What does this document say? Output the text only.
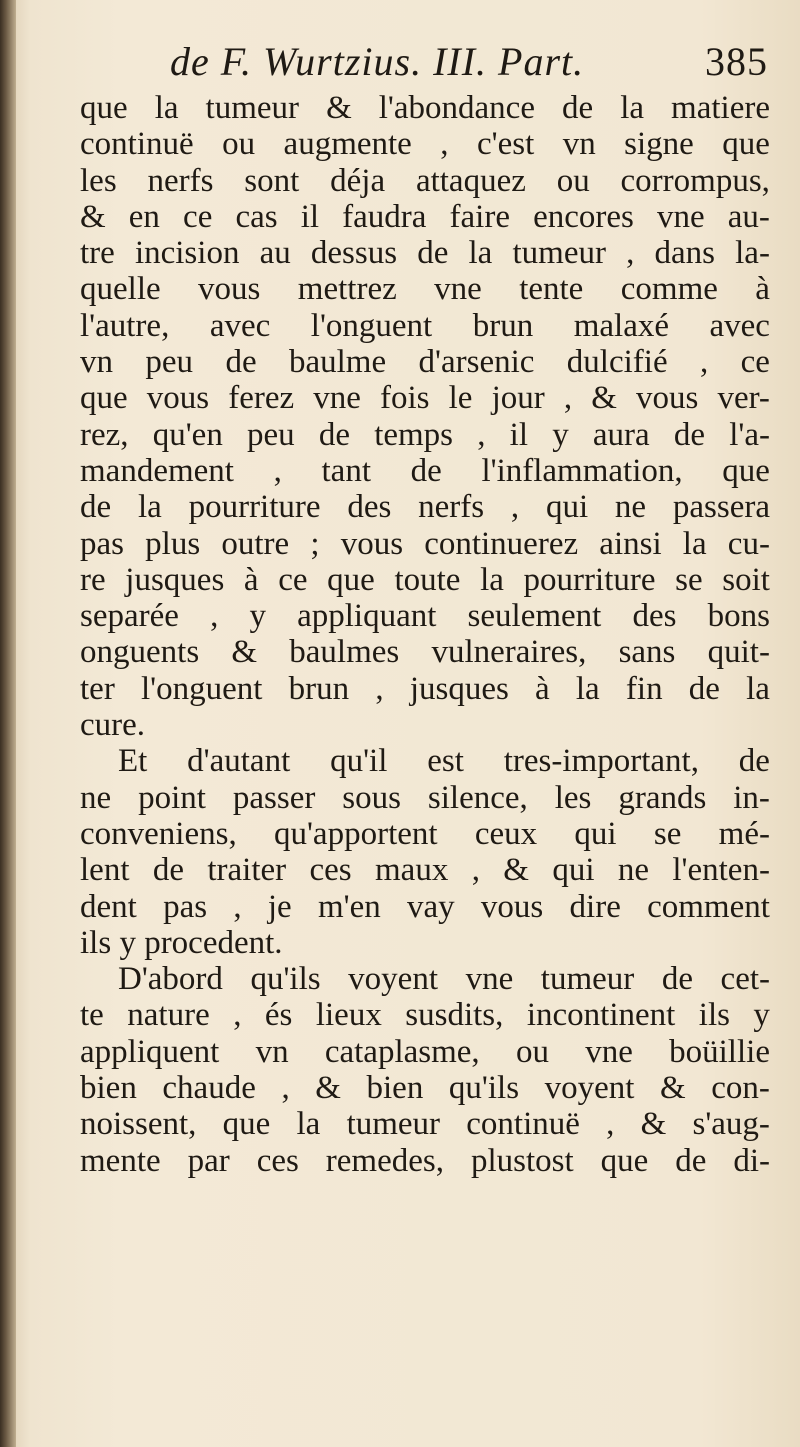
de F. Wurtzius. III. Part.	385
que la tumeur & l'abondance de la matiere
continuë ou augmente , c'est vn signe que
les nerfs sont déja attaquez ou corrompus,
& en ce cas il faudra faire encores vne au-
tre incision au dessus de la tumeur , dans la-
quelle vous mettrez vne tente comme à
l'autre, avec l'onguent brun malaxé avec
vn peu de baulme d'arsenic dulcifié , ce
que vous ferez vne fois le jour , & vous ver-
rez, qu'en peu de temps , il y aura de l'a-
mandement , tant de l'inflammation, que
de la pourriture des nerfs , qui ne passera
pas plus outre ; vous continuerez ainsi la cu-
re jusques à ce que toute la pourriture se soit
separée , y appliquant seulement des bons
onguents & baulmes vulneraires, sans quit-
ter l'onguent brun , jusques à la fin de la
cure.
Et d'autant qu'il est tres-important, de
ne point passer sous silence, les grands in-
conveniens, qu'apportent ceux qui se mé-
lent de traiter ces maux , & qui ne l'enten-
dent pas , je m'en vay vous dire comment
ils y procedent.
D'abord qu'ils voyent vne tumeur de cet-
te nature , és lieux susdits, incontinent ils y
appliquent vn cataplasme, ou vne boüillie
bien chaude , & bien qu'ils voyent & con-
noissent, que la tumeur continuë , & s'aug-
mente par ces remedes, plustost que de di-
